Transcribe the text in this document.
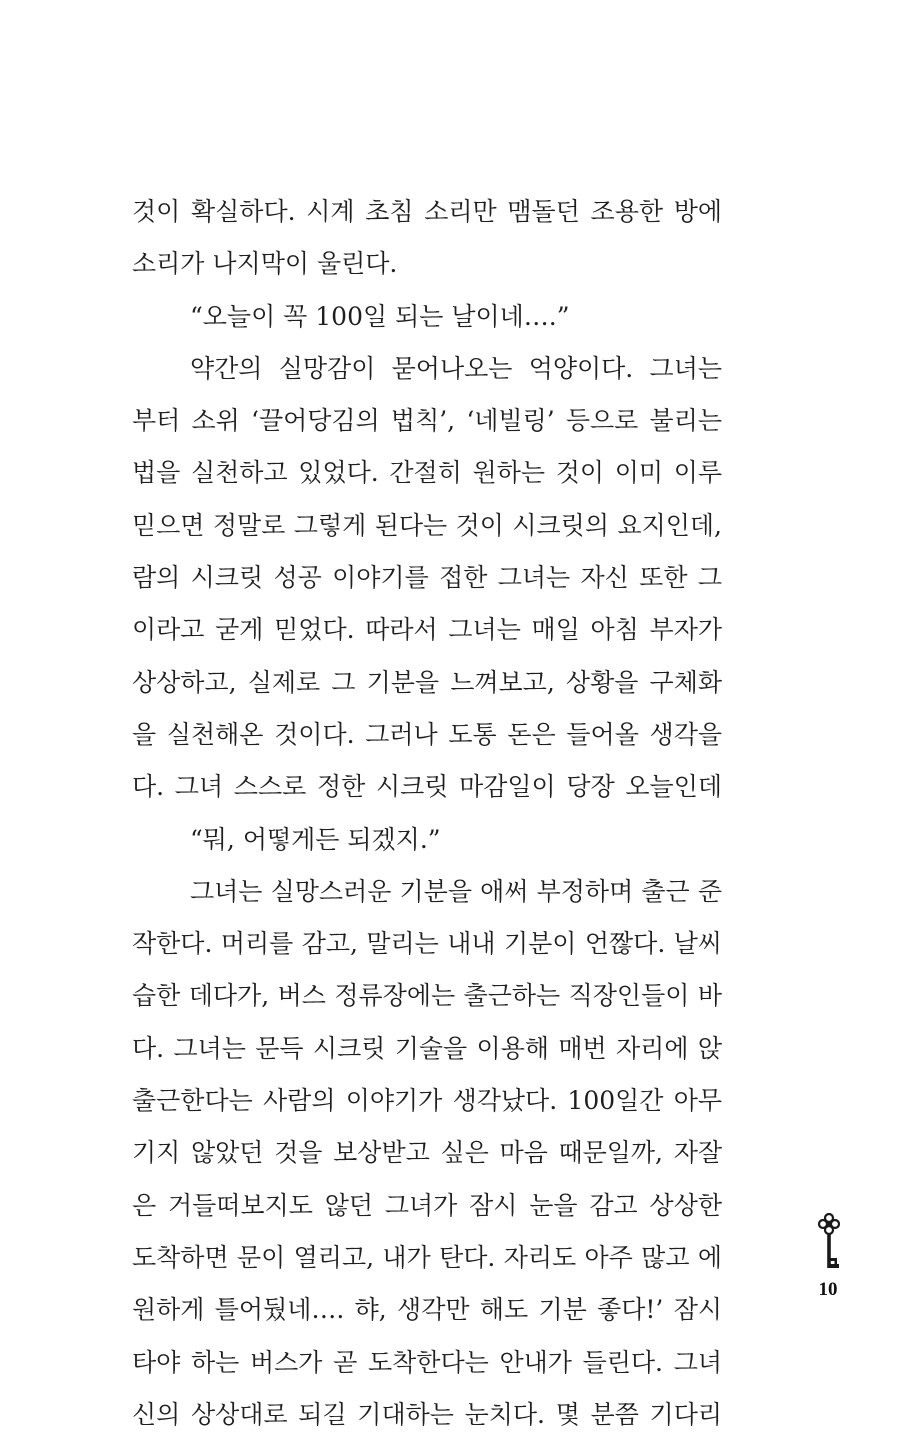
것이 확실하다. 시계 초침 소리만 맴돌던 조용한 방에
소리가 나지막이 울린다.
“오늘이 꼭 100일 되는 날이네….”
약간의 실망감이 묻어나오는 억양이다. 그녀는
부터 소위 ‘끌어당김의 법칙’, ‘네빌링’ 등으로 불리는
법을 실천하고 있었다. 간절히 원하는 것이 이미 이루
믿으면 정말로 그렇게 된다는 것이 시크릿의 요지인데,
람의 시크릿 성공 이야기를 접한 그녀는 자신 또한 그
이라고 굳게 믿었다. 따라서 그녀는 매일 아침 부자가
상상하고, 실제로 그 기분을 느껴보고, 상황을 구체화
을 실천해온 것이다. 그러나 도통 돈은 들어올 생각을
다. 그녀 스스로 정한 시크릿 마감일이 당장 오늘인데
“뭐, 어떻게든 되겠지.”
그녀는 실망스러운 기분을 애써 부정하며 출근 준
작한다. 머리를 감고, 말리는 내내 기분이 언짢다. 날씨
습한 데다가, 버스 정류장에는 출근하는 직장인들이 바
다. 그녀는 문득 시크릿 기술을 이용해 매번 자리에 앉
출근한다는 사람의 이야기가 생각났다. 100일간 아무
기지 않았던 것을 보상받고 싶은 마음 때문일까, 자잘
은 거들떠보지도 않던 그녀가 잠시 눈을 감고 상상한
도착하면 문이 열리고, 내가 탄다. 자리도 아주 많고 에
원하게 틀어뒀네…. 햐, 생각만 해도 기분 좋다!’ 잠시
타야 하는 버스가 곧 도착한다는 안내가 들린다. 그녀
신의 상상대로 되길 기대하는 눈치다. 몇 분쯤 기다리
10
